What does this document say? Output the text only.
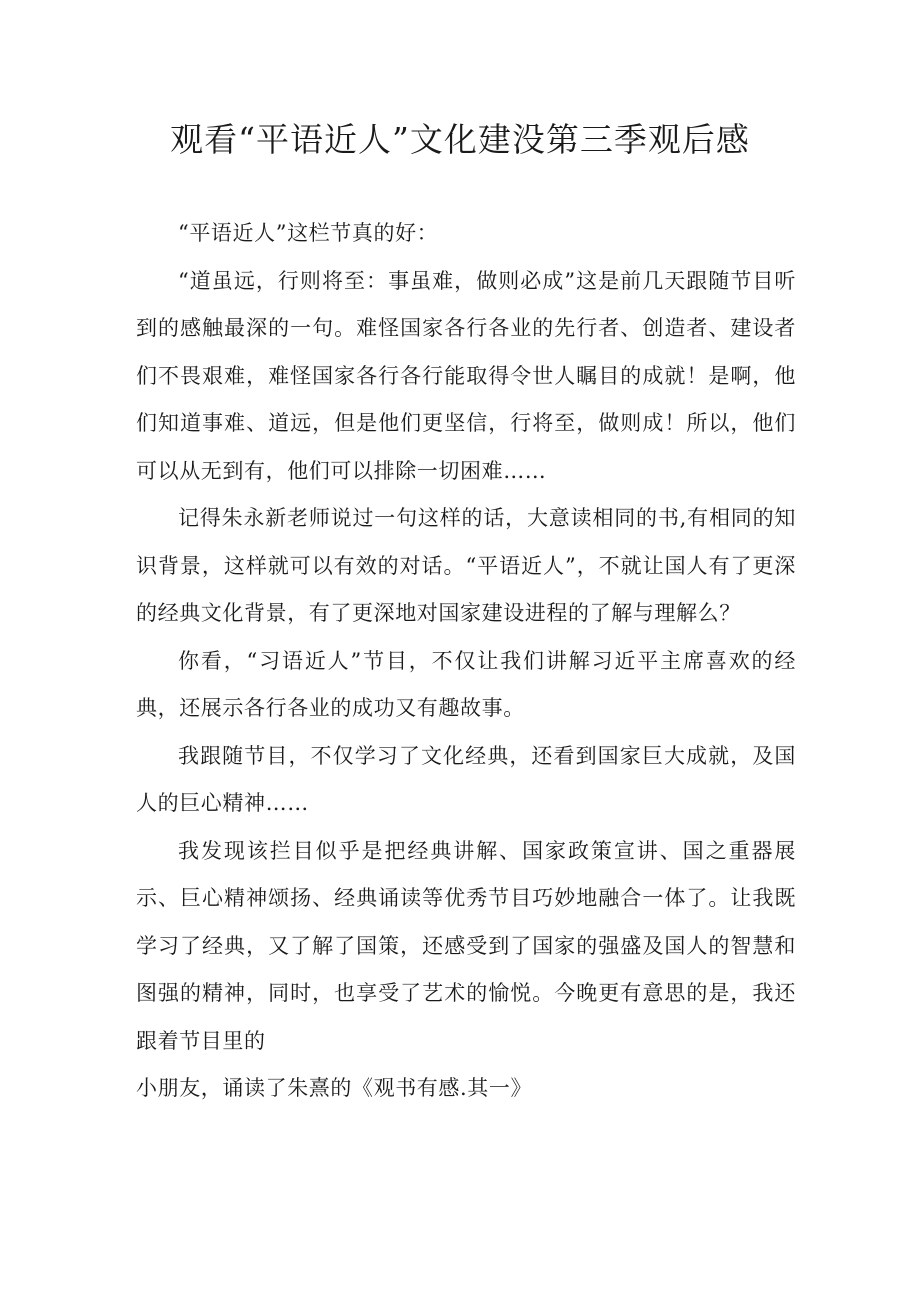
观看“平语近人”文化建没第三季观后感

“平语近人”这栏节真的好：

“道虽远，行则将至：事虽难，做则必成”这是前几天跟随节目听到的感触最深的一句。难怪国家各行各业的先行者、创造者、建设者们不畏艰难，难怪国家各行各行能取得令世人瞩目的成就！是啊，他们知道事难、道远，但是他们更坚信，行将至，做则成！所以，他们可以从无到有，他们可以排除一切困难……

记得朱永新老师说过一句这样的话，大意读相同的书,有相同的知识背景，这样就可以有效的对话。“平语近人”，不就让国人有了更深的经典文化背景，有了更深地对国家建设进程的了解与理解么？

你看，“习语近人”节目，不仅让我们讲解习近平主席喜欢的经典，还展示各行各业的成功又有趣故事。

我跟随节目，不仅学习了文化经典，还看到国家巨大成就，及国人的巨心精神……

我发现该拦目似乎是把经典讲解、国家政策宣讲、国之重器展示、巨心精神颂扬、经典诵读等优秀节目巧妙地融合一体了。让我既学习了经典，又了解了国策，还感受到了国家的强盛及国人的智慧和图强的精神，同时，也享受了艺术的愉悦。今晚更有意思的是，我还跟着节目里的

小朋友，诵读了朱熹的《观书有感.其一》
